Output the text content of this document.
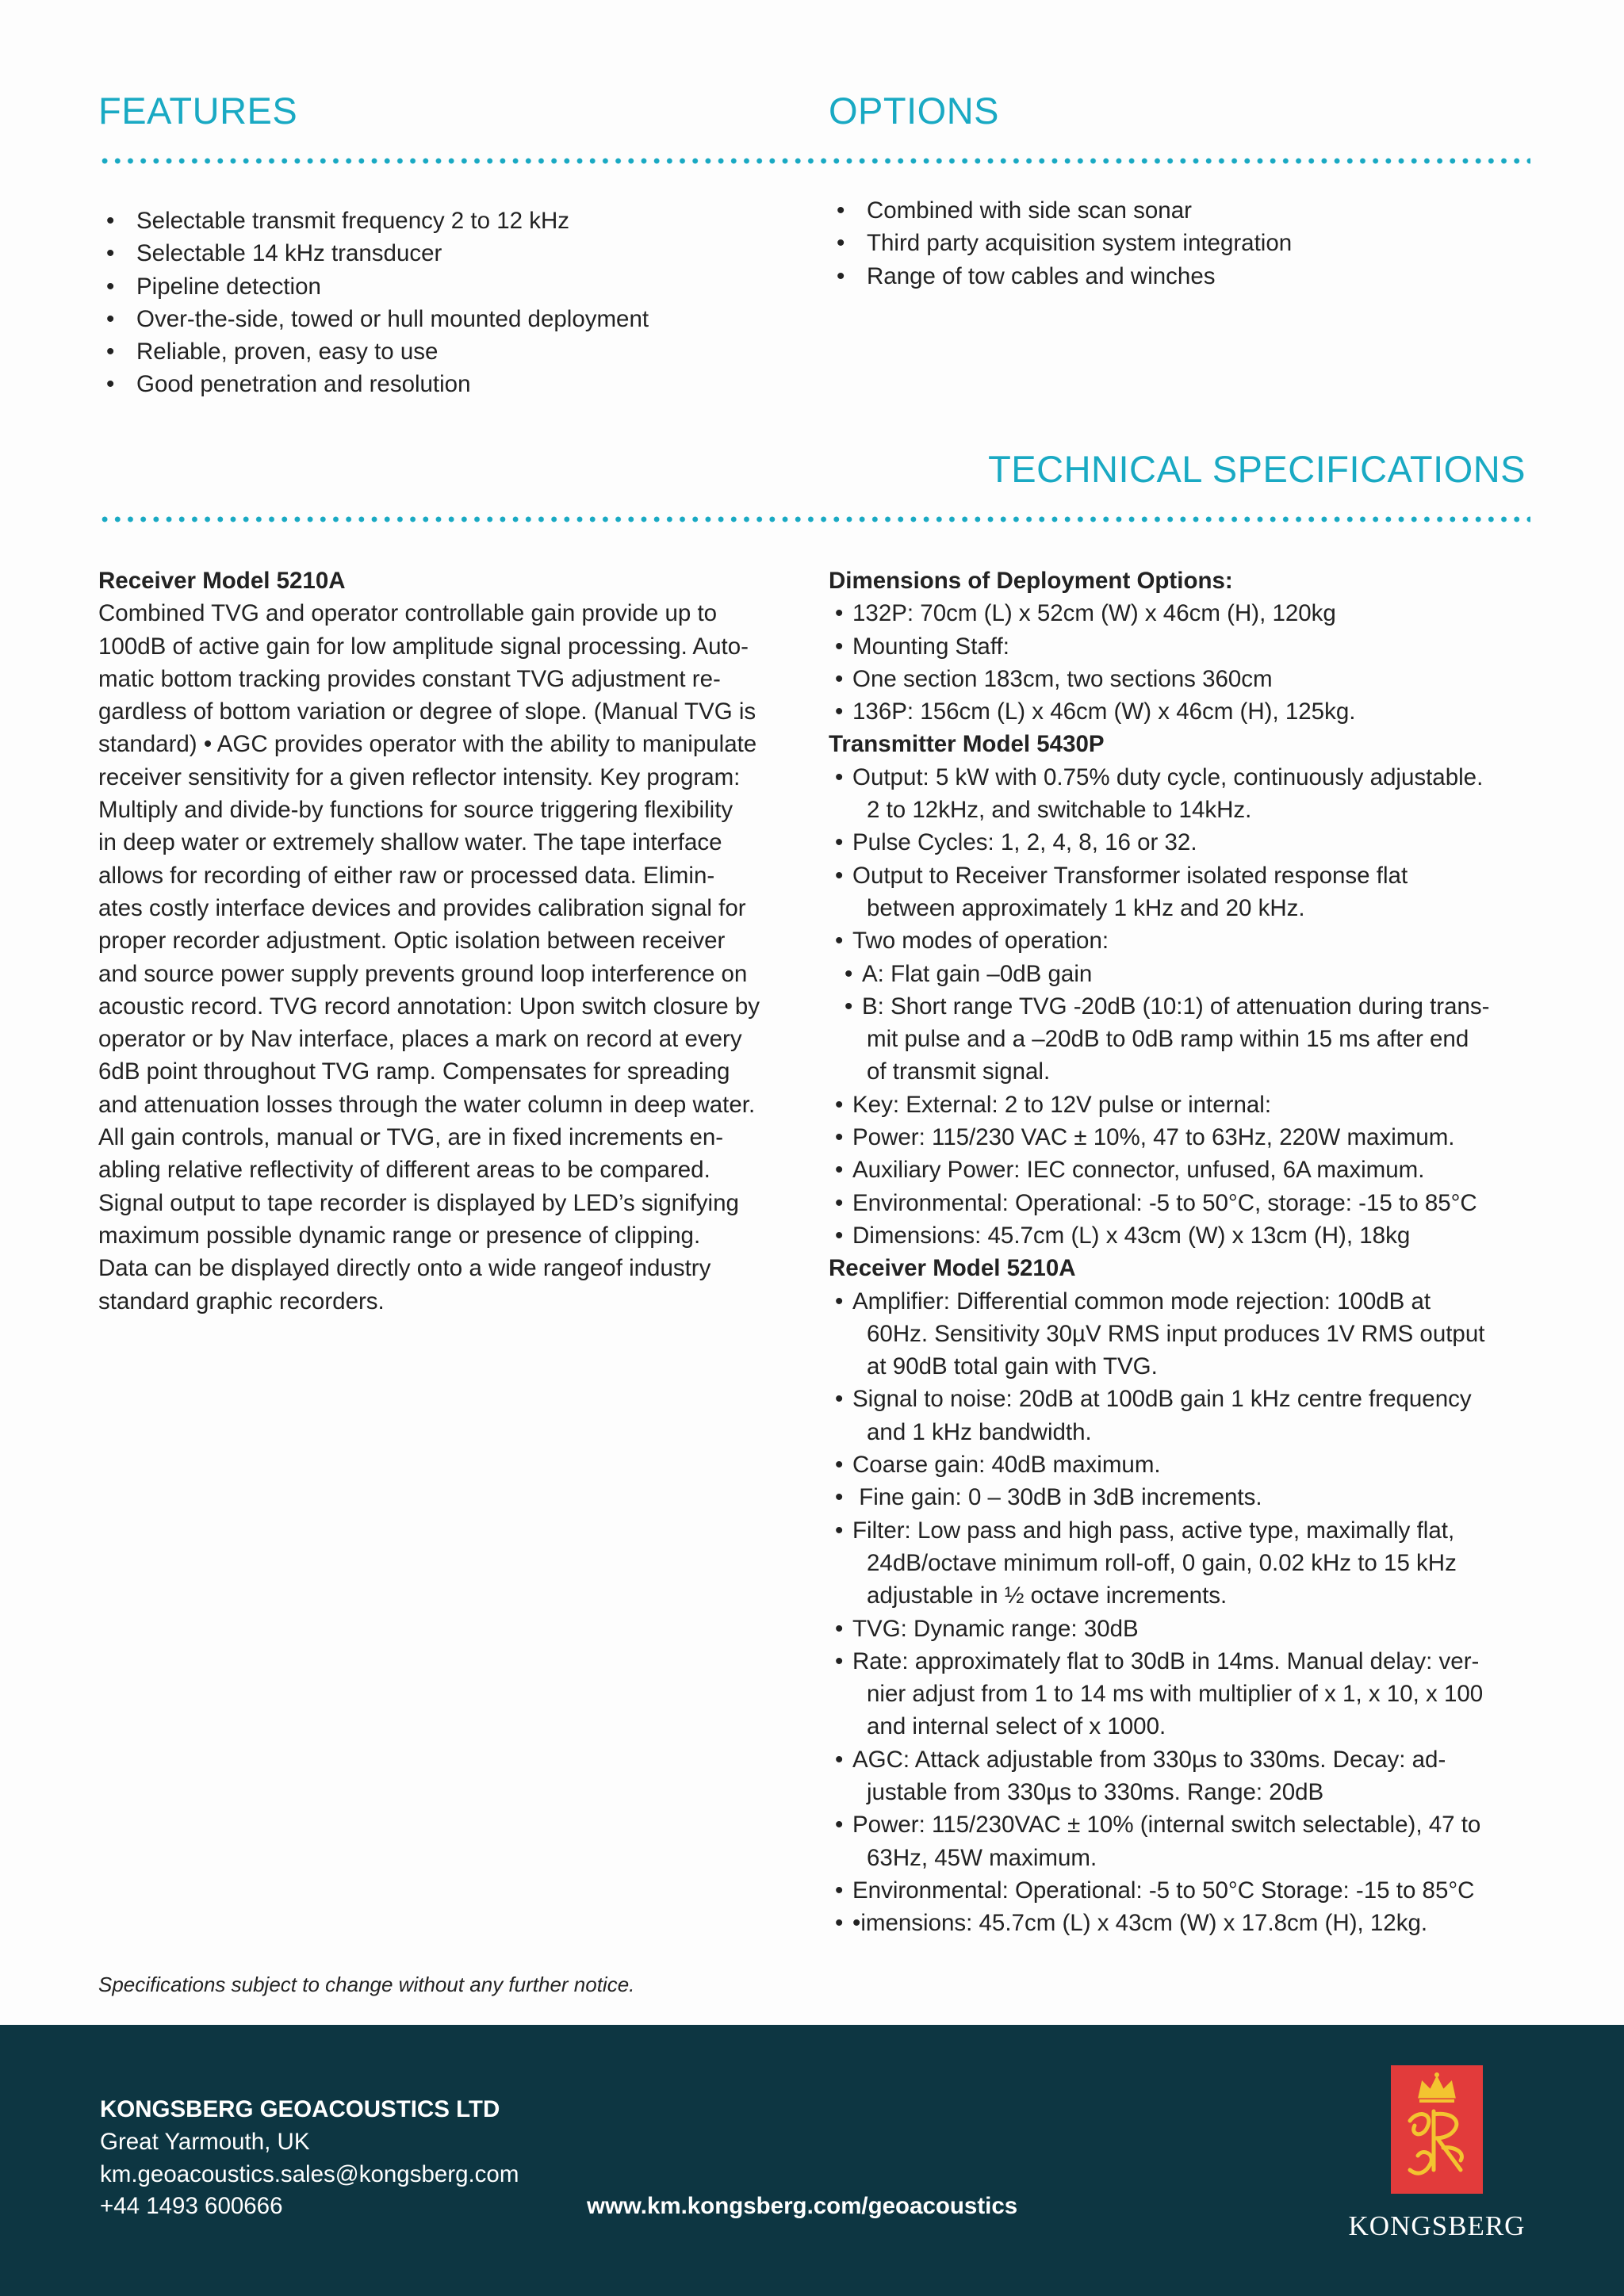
FEATURES
• Selectable transmit frequency 2 to 12 kHz
• Selectable 14 kHz transducer
• Pipeline detection
• Over-the-side, towed or hull mounted deployment
• Reliable, proven, easy to use
• Good penetration and resolution
OPTIONS
• Combined with side scan sonar
• Third party acquisition system integration
• Range of tow cables and winches
TECHNICAL SPECIFICATIONS
Receiver Model 5210A
Combined TVG and operator controllable gain provide up to
100dB of active gain for low amplitude signal processing. Auto-
matic bottom tracking provides constant TVG adjustment re-
gardless of bottom variation or degree of slope. (Manual TVG is
standard) • AGC provides operator with the ability to manipulate
receiver sensitivity for a given reflector intensity. Key program:
Multiply and divide-by functions for source triggering flexibility
in deep water or extremely shallow water. The tape interface
allows for recording of either raw or processed data. Elimin-
ates costly interface devices and provides calibration signal for
proper recorder adjustment. Optic isolation between receiver
and source power supply prevents ground loop interference on
acoustic record. TVG record annotation: Upon switch closure by
operator or by Nav interface, places a mark on record at every
6dB point throughout TVG ramp. Compensates for spreading
and attenuation losses through the water column in deep water.
All gain controls, manual or TVG, are in fixed increments en-
abling relative reflectivity of different areas to be compared.
Signal output to tape recorder is displayed by LED’s signifying
maximum possible dynamic range or presence of clipping.
Data can be displayed directly onto a wide rangeof industry
standard graphic recorders.
Dimensions of Deployment Options:
• 132P: 70cm (L) x 52cm (W) x 46cm (H), 120kg
• Mounting Staff:
• One section 183cm, two sections 360cm
• 136P: 156cm (L) x 46cm (W) x 46cm (H), 125kg.
Transmitter Model 5430P
• Output: 5 kW with 0.75% duty cycle, continuously adjustable.
2 to 12kHz, and switchable to 14kHz.
• Pulse Cycles: 1, 2, 4, 8, 16 or 32.
• Output to Receiver Transformer isolated response flat
between approximately 1 kHz and 20 kHz.
• Two modes of operation:
• A: Flat gain –0dB gain
• B: Short range TVG -20dB (10:1) of attenuation during trans-
mit pulse and a –20dB to 0dB ramp within 15 ms after end
of transmit signal.
• Key: External: 2 to 12V pulse or internal:
• Power: 115/230 VAC ± 10%, 47 to 63Hz, 220W maximum.
• Auxiliary Power: IEC connector, unfused, 6A maximum.
• Environmental: Operational: -5 to 50°C, storage: -15 to 85°C
• Dimensions: 45.7cm (L) x 43cm (W) x 13cm (H), 18kg
Receiver Model 5210A
• Amplifier: Differential common mode rejection: 100dB at
60Hz. Sensitivity 30µV RMS input produces 1V RMS output
at 90dB total gain with TVG.
• Signal to noise: 20dB at 100dB gain 1 kHz centre frequency
and 1 kHz bandwidth.
• Coarse gain: 40dB maximum.
• Fine gain: 0 – 30dB in 3dB increments.
• Filter: Low pass and high pass, active type, maximally flat,
24dB/octave minimum roll-off, 0 gain, 0.02 kHz to 15 kHz
adjustable in ½ octave increments.
• TVG: Dynamic range: 30dB
• Rate: approximately flat to 30dB in 14ms. Manual delay: ver-
nier adjust from 1 to 14 ms with multiplier of x 1, x 10, x 100
and internal select of x 1000.
• AGC: Attack adjustable from 330µs to 330ms. Decay: ad-
justable from 330µs to 330ms. Range: 20dB
• Power: 115/230VAC ± 10% (internal switch selectable), 47 to
63Hz, 45W maximum.
• Environmental: Operational: -5 to 50°C Storage: -15 to 85°C
• •imensions: 45.7cm (L) x 43cm (W) x 17.8cm (H), 12kg.
Specifications subject to change without any further notice.
KONGSBERG GEOACOUSTICS LTD
Great Yarmouth, UK
km.geoacoustics.sales@kongsberg.com
+44 1493 600666	www.km.kongsberg.com/geoacoustics
KONGSBERG
